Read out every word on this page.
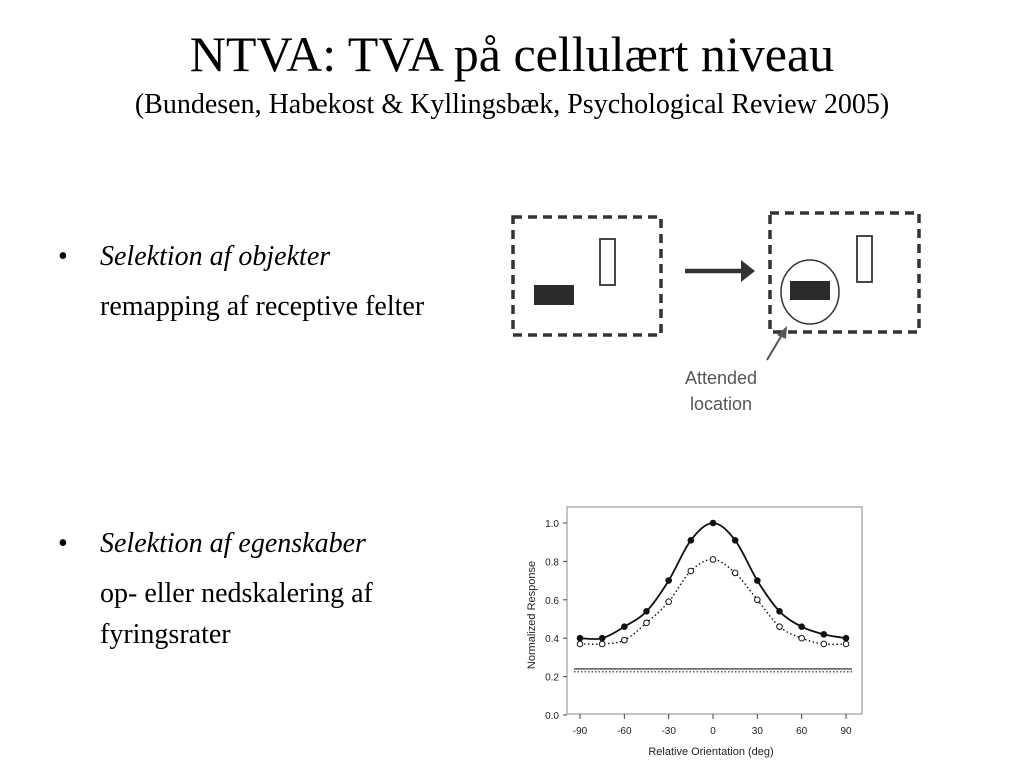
NTVA: TVA på cellulært niveau
(Bundesen, Habekost & Kyllingsbæk, Psychological Review 2005)
• Selektion af objekter
remapping af receptive felter
• Selektion af egenskaber
op- eller nedskalering af fyringsrater
Attended
location
0.0
0.2
0.4
0.6
0.8
1.0
-90	-60	-30	0	30	60	90
Normalized Response
Relative Orientation (deg)
